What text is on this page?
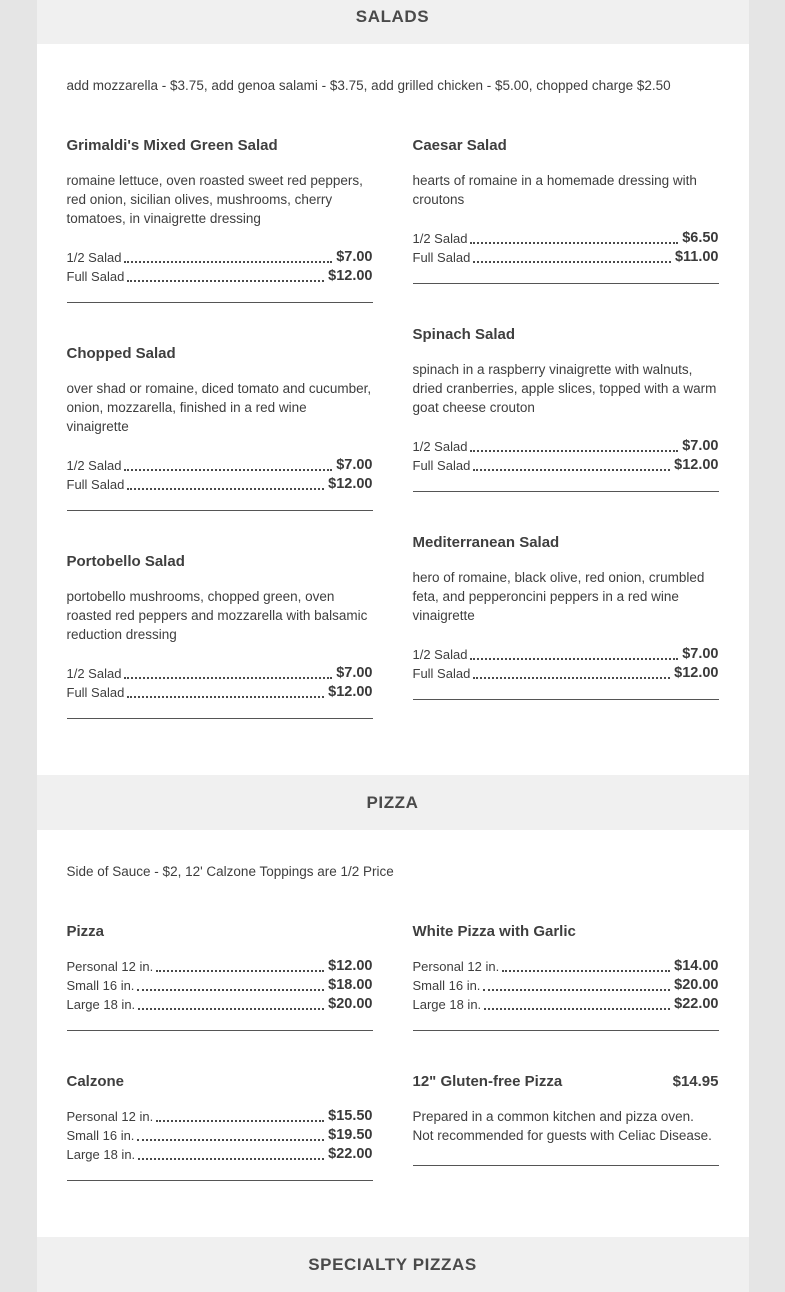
SALADS

add mozzarella - $3.75, add genoa salami - $3.75, add grilled chicken - $5.00, chopped charge $2.50

Grimaldi's Mixed Green Salad

romaine lettuce, oven roasted sweet red peppers, red onion, sicilian olives, mushrooms, cherry tomatoes, in vinaigrette dressing

1/2 Salad	$7.00
Full Salad	$12.00
Chopped Salad

over shad or romaine, diced tomato and cucumber, onion, mozzarella, finished in a red wine vinaigrette

1/2 Salad	$7.00
Full Salad	$12.00
Portobello Salad

portobello mushrooms, chopped green, oven roasted red peppers and mozzarella with balsamic reduction dressing

1/2 Salad	$7.00
Full Salad	$12.00
Caesar Salad

hearts of romaine in a homemade dressing with croutons

1/2 Salad	$6.50
Full Salad	$11.00
Spinach Salad

spinach in a raspberry vinaigrette with walnuts, dried cranberries, apple slices, topped with a warm goat cheese crouton

1/2 Salad	$7.00
Full Salad	$12.00
Mediterranean Salad

hero of romaine, black olive, red onion, crumbled feta, and pepperoncini peppers in a red wine vinaigrette

1/2 Salad	$7.00
Full Salad	$12.00
PIZZA

Side of Sauce - $2, 12' Calzone Toppings are 1/2 Price

Pizza
Personal 12 in.	$12.00
Small 16 in.	$18.00
Large 18 in.	$20.00
Calzone
Personal 12 in.	$15.50
Small 16 in.	$19.50
Large 18 in.	$22.00
White Pizza with Garlic
Personal 12 in.	$14.00
Small 16 in.	$20.00
Large 18 in.	$22.00
12" Gluten-free Pizza	$14.95

Prepared in a common kitchen and pizza oven. Not recommended for guests with Celiac Disease.

SPECIALTY PIZZAS
